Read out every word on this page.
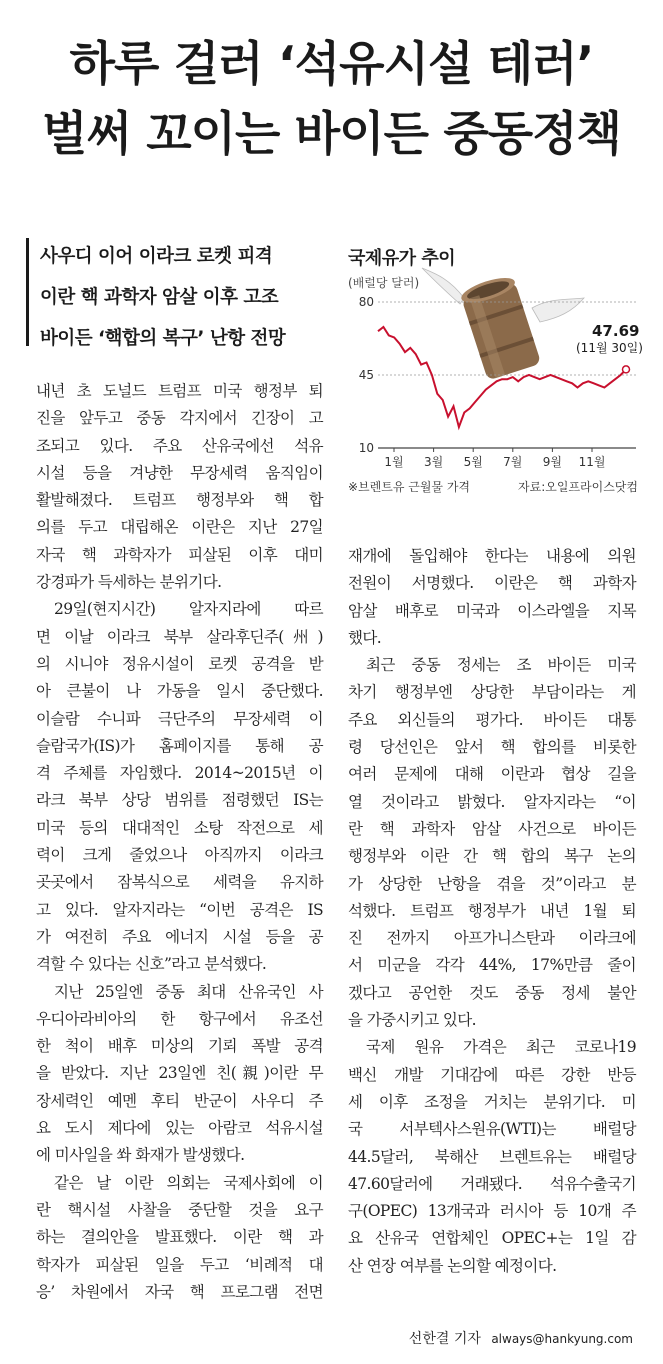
하루 걸러 ‘석유시설 테러’
벌써 꼬이는 바이든 중동정책
사우디 이어 이라크 로켓 피격
이란 핵 과학자 암살 이후 고조
바이든 ‘핵합의 복구’ 난항 전망
10
45
80
1월 3월 5월 7월 9월 11월
47.69
(11월 30일)
국제유가 추이
(배럴당 달러)
※브렌트유 근월물 가격	자료:오일프라이스닷컴
내년 초 도널드 트럼프 미국 행정부 퇴
진을 앞두고 중동 각지에서 긴장이 고
조되고 있다. 주요 산유국에선 석유
시설 등을 겨냥한 무장세력 움직임이
활발해졌다. 트럼프 행정부와 핵 합
의를 두고 대립해온 이란은 지난 27일
자국 핵 과학자가 피살된 이후 대미
강경파가 득세하는 분위기다.
29일(현지시간) 알자지라에 따르
면 이날 이라크 북부 살라후딘주(州)
의 시니야 정유시설이 로켓 공격을 받
아 큰불이 나 가동을 일시 중단했다.
이슬람 수니파 극단주의 무장세력 이
슬람국가(IS)가 홈페이지를 통해 공
격 주체를 자임했다. 2014~2015년 이
라크 북부 상당 범위를 점령했던 IS는
미국 등의 대대적인 소탕 작전으로 세
력이 크게 줄었으나 아직까지 이라크
곳곳에서 잠복식으로 세력을 유지하
고 있다. 알자지라는 “이번 공격은 IS
가 여전히 주요 에너지 시설 등을 공
격할 수 있다는 신호”라고 분석했다.
지난 25일엔 중동 최대 산유국인 사
우디아라비아의 한 항구에서 유조선
한 척이 배후 미상의 기뢰 폭발 공격
을 받았다. 지난 23일엔 친(親)이란 무
장세력인 예멘 후티 반군이 사우디 주
요 도시 제다에 있는 아람코 석유시설
에 미사일을 쏴 화재가 발생했다.
같은 날 이란 의회는 국제사회에 이
란 핵시설 사찰을 중단할 것을 요구
하는 결의안을 발표했다. 이란 핵 과
학자가 피살된 일을 두고 ‘비례적 대
응’ 차원에서 자국 핵 프로그램 전면
재개에 돌입해야 한다는 내용에 의원
전원이 서명했다. 이란은 핵 과학자
암살 배후로 미국과 이스라엘을 지목
했다.
최근 중동 정세는 조 바이든 미국
차기 행정부엔 상당한 부담이라는 게
주요 외신들의 평가다. 바이든 대통
령 당선인은 앞서 핵 합의를 비롯한
여러 문제에 대해 이란과 협상 길을
열 것이라고 밝혔다. 알자지라는 “이
란 핵 과학자 암살 사건으로 바이든
행정부와 이란 간 핵 합의 복구 논의
가 상당한 난항을 겪을 것”이라고 분
석했다. 트럼프 행정부가 내년 1월 퇴
진 전까지 아프가니스탄과 이라크에
서 미군을 각각 44%, 17%만큼 줄이
겠다고 공언한 것도 중동 정세 불안
을 가중시키고 있다.
국제 원유 가격은 최근 코로나19
백신 개발 기대감에 따른 강한 반등
세 이후 조정을 거치는 분위기다. 미
국 서부텍사스원유(WTI)는 배럴당
44.5달러, 북해산 브렌트유는 배럴당
47.60달러에 거래됐다. 석유수출국기
구(OPEC) 13개국과 러시아 등 10개 주
요 산유국 연합체인 OPEC+는 1일 감
산 연장 여부를 논의할 예정이다.
선한결 기자 always@hankyung.com
